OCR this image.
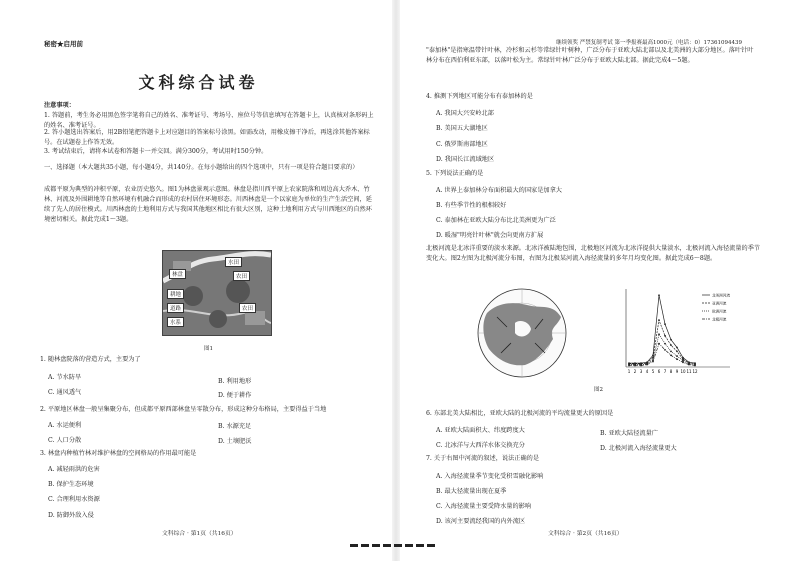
秘密★启用前
文科综合试卷
注意事项：
1. 答题前，考生务必用黑色签字笔将自己的姓名、准考证号、考场号、座位号等信息填写在答题卡上，认真核对条形码上的姓名、准考证号。
2. 答小题选出答案后，用2B铅笔把答题卡上对应题目的答案标号涂黑。如需改动，用橡皮擦干净后，再选涂其他答案标号。在试题卷上作答无效。
3. 考试结束后，请将本试卷和答题卡一并交回。满分300分，考试用时150分钟。
一、选择题（本大题共35小题，每小题4分，共140分。在每小题给出的四个选项中，只有一项是符合题目要求的）
成都平原为典型的冲积平原，农业历史悠久。图1为林盘景观示意图。林盘是指川西平原上农家院落和周边高大乔木、竹林、河流及外围耕地等自然环境有机融合而形成的农村居住环境形态。川西林盘是一个以家庭为单位的生产生活空间，延续了先人的居住模式。川西林盘的土地利用方式与我国其他地区相比有很大区别，这种土地利用方式与川西地区的自然环境密切相关。据此完成1～3题。
林盘
水田
农田
耕地
道路
水系
农田
图1
1. 随林盘院落的营造方式，主要为了
A. 节水防旱
B. 利用地形
C. 通风透气	D. 便于耕作
2. 平原地区林盘一般呈集聚分布，但成都平原西部林盘呈零散分布，形成这种分布格局，主要得益于当地
A. 水运便利	B. 水源充足
C. 人口分散	D. 土壤肥沃
3. 林盘内种植竹林对维护林盘的空间格局的作用最可能是
A. 减轻雨洪的危害
B. 保护生态环境
C. 合理利用水资源
D. 防御外敌入侵
文科综合 · 第1页（共16页）
继续领奖 严禁复制考试 第一季报赛最高1000元（电话：0）17361094439
"泰加林"是指寒温带针叶林，冷杉和云杉等常绿针叶树种，广泛分布于亚欧大陆北部以及北美洲的大部分地区。落叶针叶林分布在西伯利亚东部，以落叶松为主。常绿针叶林广泛分布于亚欧大陆北部。据此完成4～5题。
4. 推测下列地区可能分布有泰加林的是
A. 我国大兴安岭北部
B. 美国五大湖地区
C. 俄罗斯南部地区
D. 我国长江流域地区
5. 下列说法正确的是
A. 世界上泰加林分布面积最大的国家是加拿大
B. 有些季节性的根相较好
C. 泰加林在亚欧大陆分布比北美洲更为广泛
D. 暖湿"明亮针叶林"就会向更南方扩展
北极河流是北冰洋重要的淡水来源。北冰洋被陆地包围，北极地区河流为北冰洋提供大量淡水，北极河流入海径流量的季节变化大。图2左图为北极河流分布图，右图为北极某河流入海径流量的多年月均变化图。据此完成6～8题。
1 2 3 4 5 6 7 8 9 10 11 12
北美洲河流
亚洲河流
欧洲河流
北极河流
图2
6. 东部北美大陆相比，亚欧大陆的北极河流的平均流量更大的原因是
A. 亚欧大陆面积大、纬度跨度大	B. 亚欧大陆径流量广
C. 北冰洋与大西洋水体交换充分	D. 北极河流入海径流量更大
7. 关于右图中河流的叙述，说法正确的是
A. 入海径流量季节变化受积雪融化影响
B. 最大径流量出现在夏季
C. 入海径流量主要受降水量的影响
D. 该河主要流经我国的内外流区
文科综合 · 第2页（共16页）
